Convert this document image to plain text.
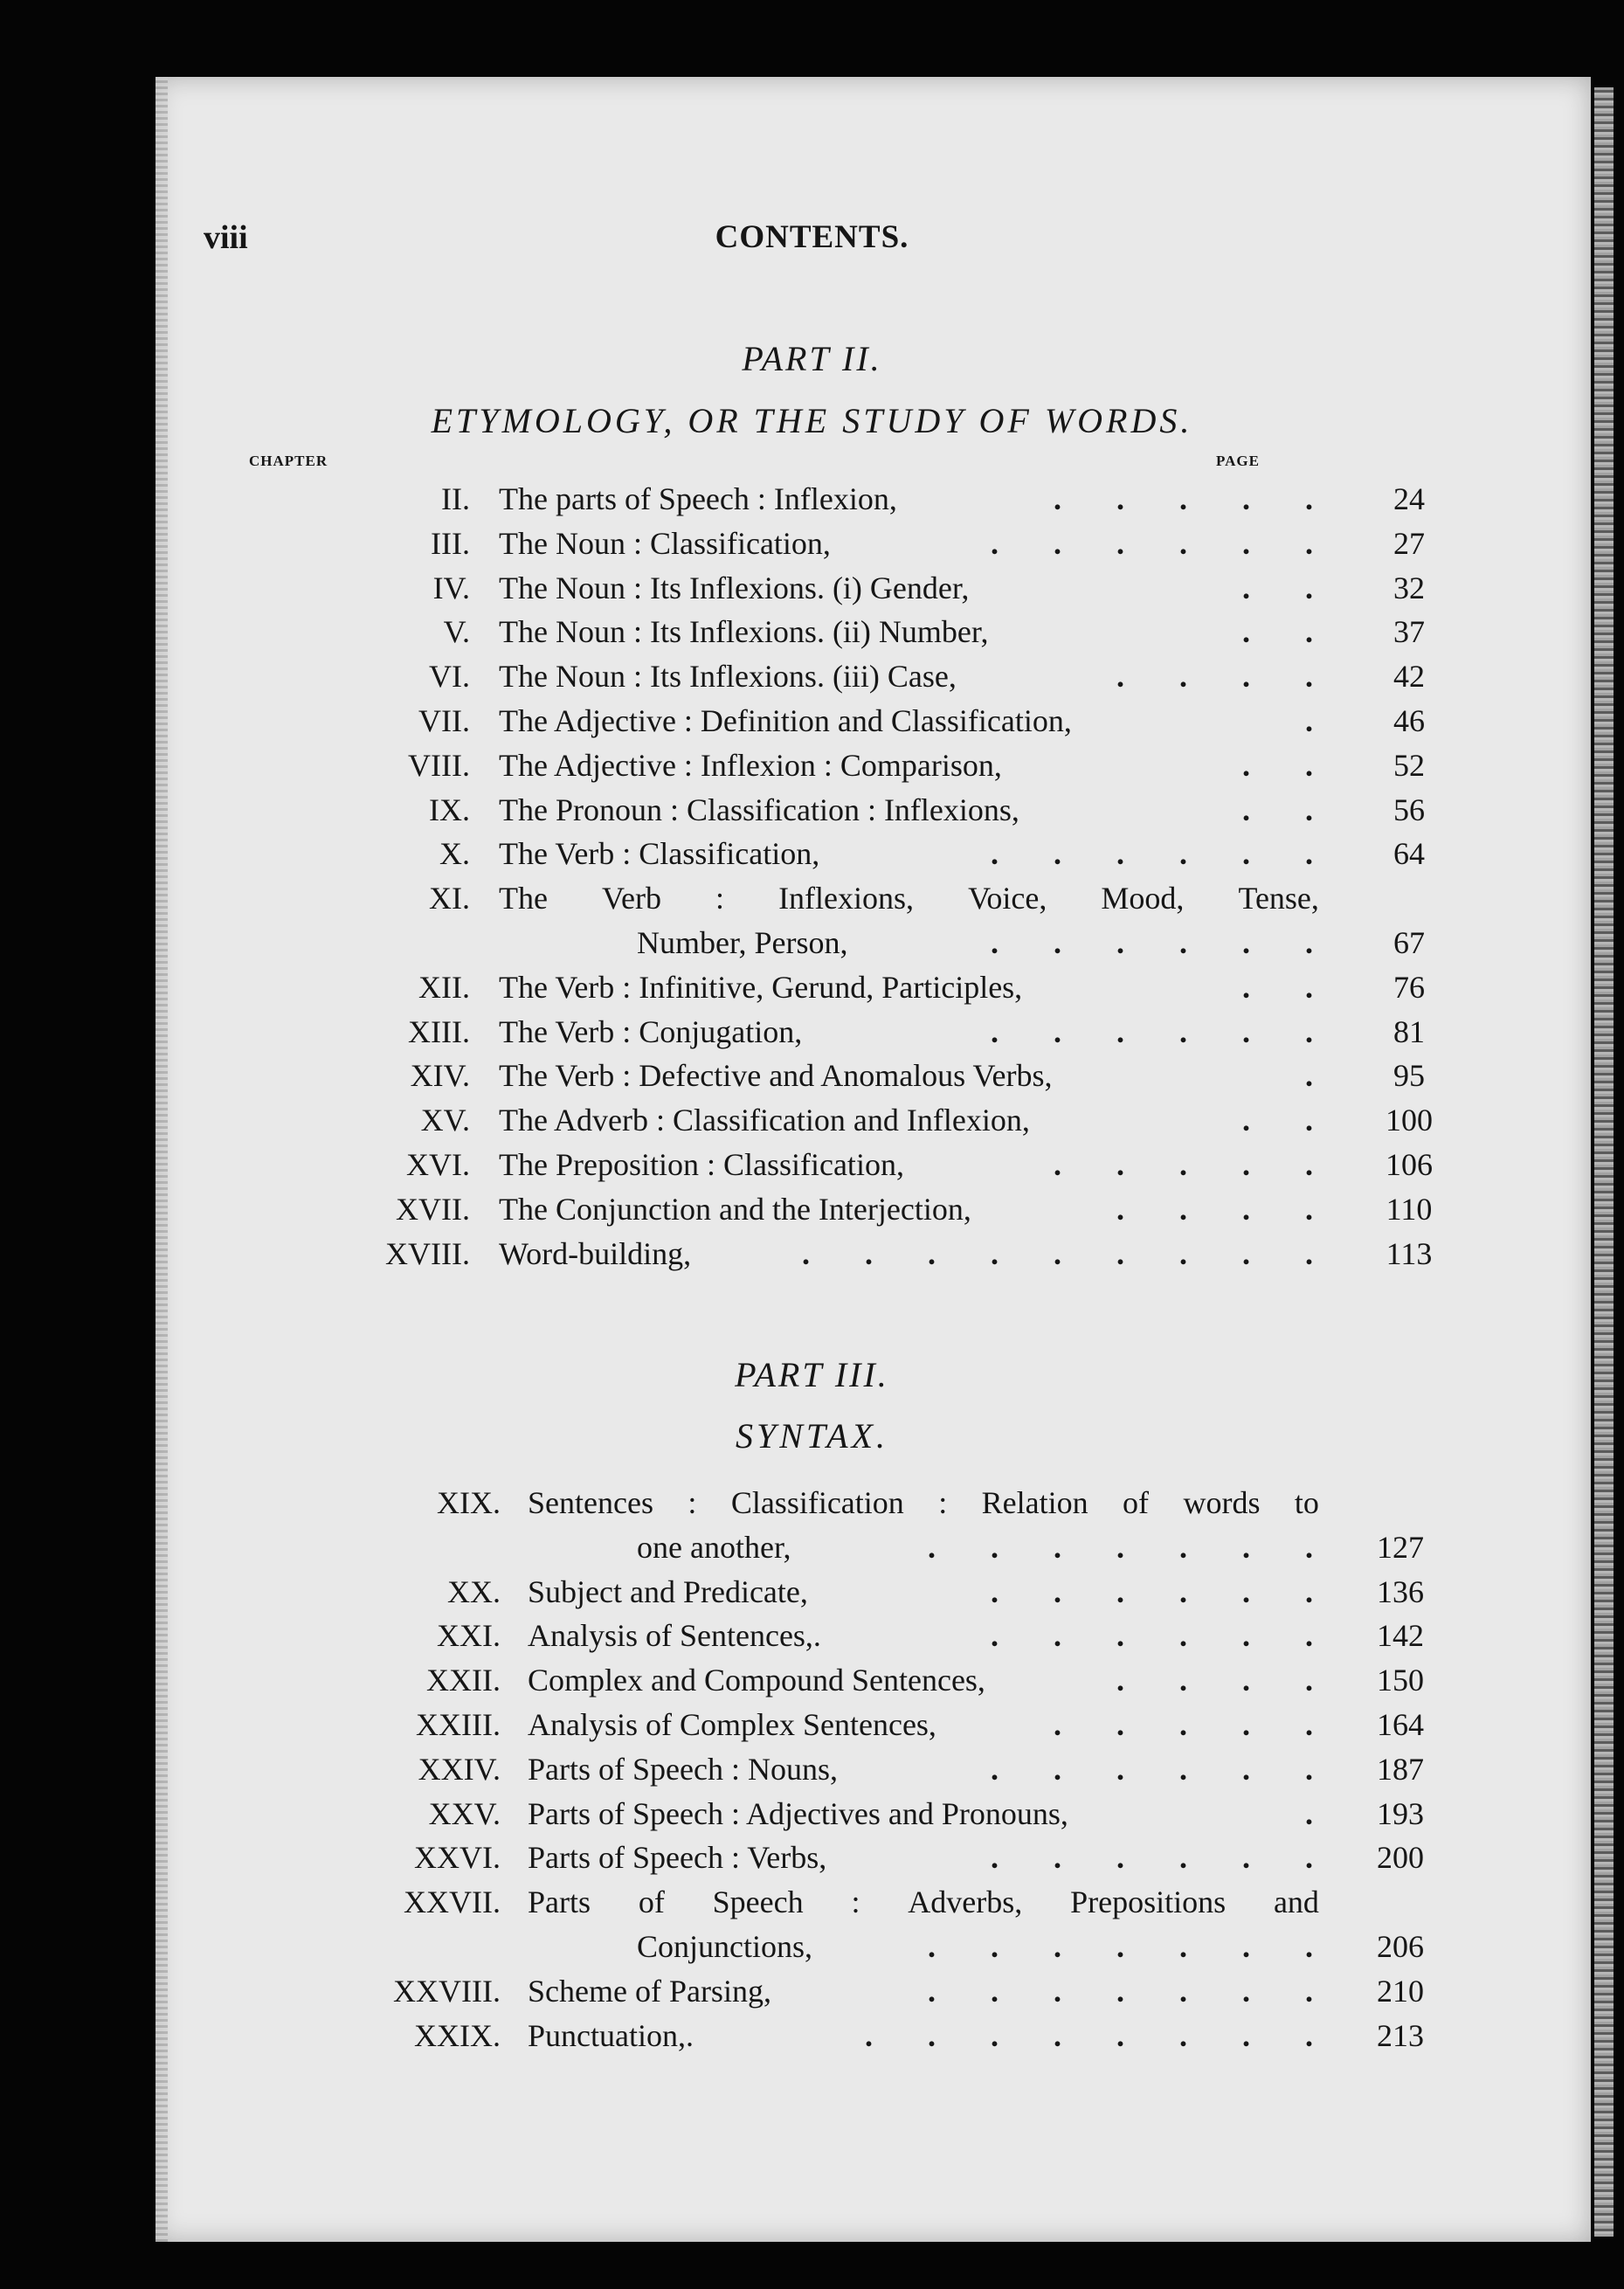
viii	CONTENTS.
PART II.
ETYMOLOGY, OR THE STUDY OF WORDS.
CHAPTER	PAGE
II. The parts of Speech : Inflexion,	. . . . .	24
III. The Noun : Classification,	. . . . . .	27
IV. The Noun : Its Inflexions. (i) Gender,	. .	32
V. The Noun : Its Inflexions. (ii) Number,	. .	37
VI. The Noun : Its Inflexions. (iii) Case,	. . . .	42
VII. The Adjective : Definition and Classification,	.	46
VIII. The Adjective : Inflexion : Comparison,	. .	52
IX. The Pronoun : Classification : Inflexions,	. .	56
X. The Verb : Classification,	. . . . . .	64
XI. The Verb : Inflexions, Voice, Mood, Tense,
Number, Person,	. . . . . .	67
XII. The Verb : Infinitive, Gerund, Participles,	. .	76
XIII. The Verb : Conjugation,	. . . . . .	81
XIV. The Verb : Defective and Anomalous Verbs,	.	95
XV. The Adverb : Classification and Inflexion,	. .	100
XVI. The Preposition : Classification,	. . . . .	106
XVII. The Conjunction and the Interjection,	. . . .	110
XVIII. Word-building,	. . . . . . . . .	113
PART III.
SYNTAX.
XIX. Sentences : Classification : Relation of words to
one another,	. . . . . . .	127
XX. Subject and Predicate,	. . . . . .	136
XXI. Analysis of Sentences,.	. . . . . .	142
XXII. Complex and Compound Sentences,	. . . .	150
XXIII. Analysis of Complex Sentences,	. . . . .	164
XXIV. Parts of Speech : Nouns,	. . . . . .	187
XXV. Parts of Speech : Adjectives and Pronouns,	.	193
XXVI. Parts of Speech : Verbs,	. . . . . .	200
XXVII. Parts of Speech : Adverbs, Prepositions and
Conjunctions,	. . . . . . .	206
XXVIII. Scheme of Parsing,	. . . . . . .	210
XXIX. Punctuation,.	. . . . . . . .	213
